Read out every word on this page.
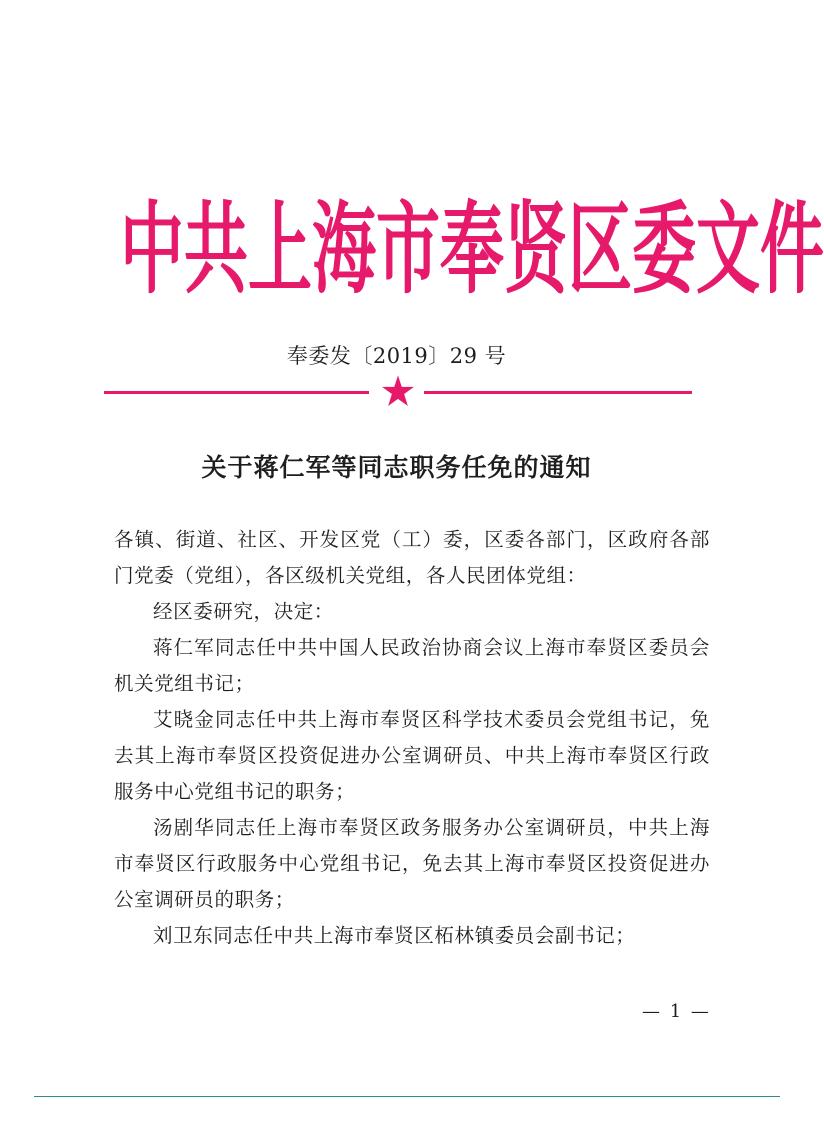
中 共 上 海 市 奉 贤 区 委 文 件
奉委发〔2019〕29 号
关于蒋仁军等同志职务任免的通知

各镇、街道、社区、开发区党（工）委，区委各部门，区政府各部门党委（党组），各区级机关党组，各人民团体党组：

经区委研究，决定：

蒋仁军同志任中共中国人民政治协商会议上海市奉贤区委员会机关党组书记；

艾晓金同志任中共上海市奉贤区科学技术委员会党组书记，免去其上海市奉贤区投资促进办公室调研员、中共上海市奉贤区行政服务中心党组书记的职务；

汤剧华同志任上海市奉贤区政务服务办公室调研员，中共上海市奉贤区行政服务中心党组书记，免去其上海市奉贤区投资促进办公室调研员的职务；

刘卫东同志任中共上海市奉贤区柘林镇委员会副书记；

— 1 —
